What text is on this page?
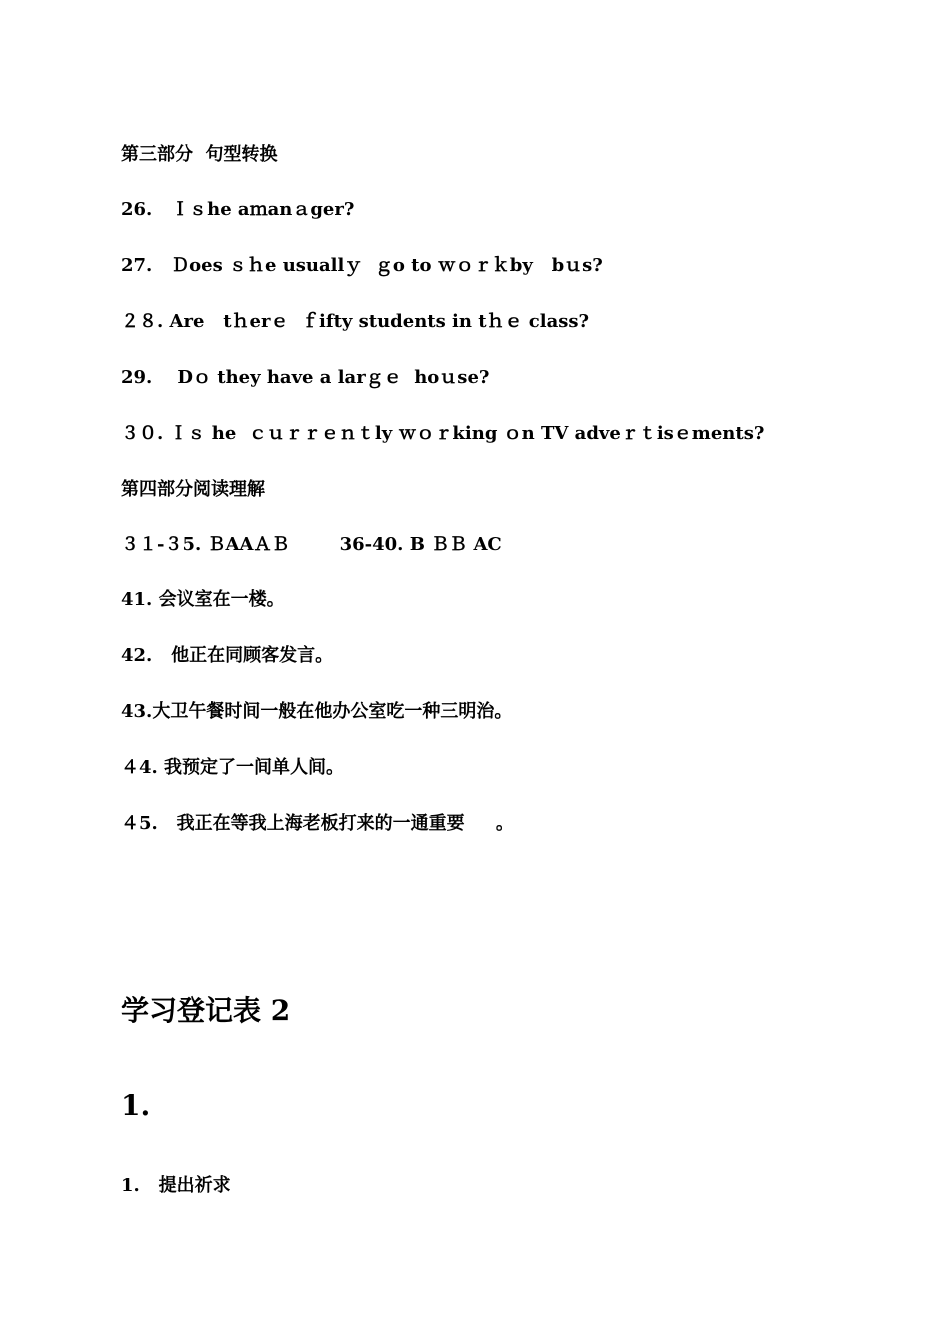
第三部分  句型转换
26.   Ｉｓhe aｍanａger?
27.   Ｄoes ｓｈe usuallｙ  ｇo to ｗｏｒｋby   bｕs?
２８. Are   tｈerｅ  ｆifty students in tｈｅ class?
29.    Dｏ they have a larｇｅ  hoｕse?
３０. Ｉｓ he  ｃｕｒｒｅｎｔly ｗｏｒking ｏn TV adveｒｔisｅments?
第四部分阅读理解
３１-３5. ＢAAＡＢ        36-40. B ＢＢ AC
41. 会议室在一楼。
42.   他正在同顾客发言。
43.大卫午餐时间一般在他办公室吃一种三明治。
４4. 我预定了一间单人间。
４5.   我正在等我上海老板打来的一通重要     。
学习登记表 2
1.
1.   提出祈求
